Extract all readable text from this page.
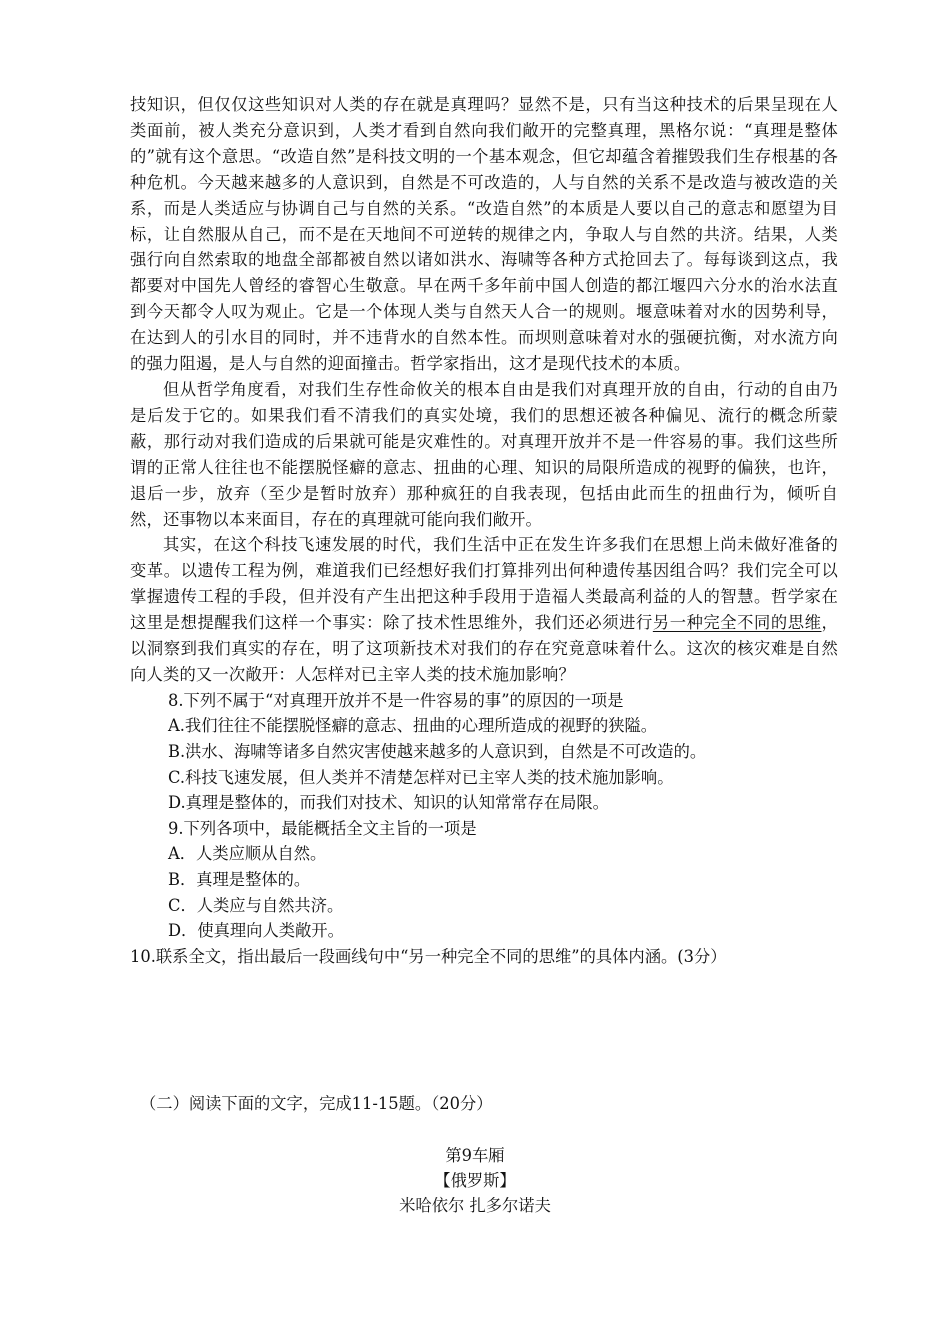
技知识，但仅仅这些知识对人类的存在就是真理吗？显然不是，只有当这种技术的后果呈现在人类面前，被人类充分意识到，人类才看到自然向我们敞开的完整真理，黑格尔说：“真理是整体的”就有这个意思。“改造自然”是科技文明的一个基本观念，但它却蕴含着摧毁我们生存根基的各种危机。今天越来越多的人意识到，自然是不可改造的，人与自然的关系不是改造与被改造的关系，而是人类适应与协调自己与自然的关系。“改造自然”的本质是人要以自己的意志和愿望为目标，让自然服从自己，而不是在天地间不可逆转的规律之内，争取人与自然的共济。结果，人类强行向自然索取的地盘全部都被自然以诸如洪水、海啸等各种方式抢回去了。每每谈到这点，我都要对中国先人曾经的睿智心生敬意。早在两千多年前中国人创造的都江堰四六分水的治水法直到今天都令人叹为观止。它是一个体现人类与自然天人合一的规则。堰意味着对水的因势利导，在达到人的引水目的同时，并不违背水的自然本性。而坝则意味着对水的强硬抗衡，对水流方向的强力阻遏，是人与自然的迎面撞击。哲学家指出，这才是现代技术的本质。

但从哲学角度看，对我们生存性命攸关的根本自由是我们对真理开放的自由，行动的自由乃是后发于它的。如果我们看不清我们的真实处境，我们的思想还被各种偏见、流行的概念所蒙蔽，那行动对我们造成的后果就可能是灾难性的。对真理开放并不是一件容易的事。我们这些所谓的正常人往往也不能摆脱怪癖的意志、扭曲的心理、知识的局限所造成的视野的偏狭，也许，退后一步，放弃（至少是暂时放弃）那种疯狂的自我表现，包括由此而生的扭曲行为，倾听自然，还事物以本来面目，存在的真理就可能向我们敞开。

其实，在这个科技飞速发展的时代，我们生活中正在发生许多我们在思想上尚未做好准备的变革。以遗传工程为例，难道我们已经想好我们打算排列出何种遗传基因组合吗？我们完全可以掌握遗传工程的手段，但并没有产生出把这种手段用于造福人类最高利益的人的智慧。哲学家在这里是想提醒我们这样一个事实：除了技术性思维外，我们还必须进行另一种完全不同的思维，以洞察到我们真实的存在，明了这项新技术对我们的存在究竟意味着什么。这次的核灾难是自然向人类的又一次敞开：人怎样对已主宰人类的技术施加影响？

8.下列不属于“对真理开放并不是一件容易的事”的原因的一项是

A.我们往往不能摆脱怪癖的意志、扭曲的心理所造成的视野的狭隘。

B.洪水、海啸等诸多自然灾害使越来越多的人意识到，自然是不可改造的。

C.科技飞速发展，但人类并不清楚怎样对已主宰人类的技术施加影响。

D.真理是整体的，而我们对技术、知识的认知常常存在局限。

9.下列各项中，最能概括全文主旨的一项是

A．人类应顺从自然。

B．真理是整体的。

C．人类应与自然共济。

D．使真理向人类敞开。

10.联系全文，指出最后一段画线句中“另一种完全不同的思维”的具体内涵。(3分）

（二）阅读下面的文字，完成11-15题。（20分）
第9车厢
【俄罗斯】
米哈依尔 扎多尔诺夫
